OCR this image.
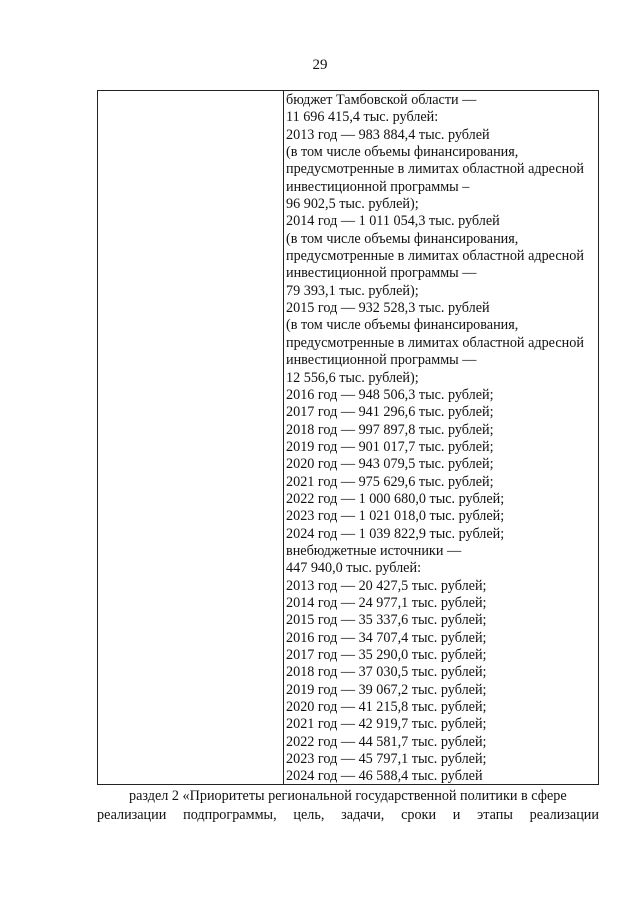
29
бюджет Тамбовской области —
11 696 415,4 тыс. рублей:
2013 год — 983 884,4 тыс. рублей
(в том числе объемы финансирования,
предусмотренные в лимитах областной адресной
инвестиционной программы –
96 902,5 тыс. рублей);
2014 год — 1 011 054,3 тыс. рублей
(в том числе объемы финансирования,
предусмотренные в лимитах областной адресной
инвестиционной программы —
79 393,1 тыс. рублей);
2015 год — 932 528,3 тыс. рублей
(в том числе объемы финансирования,
предусмотренные в лимитах областной адресной
инвестиционной программы —
12 556,6 тыс. рублей);
2016 год — 948 506,3 тыс. рублей;
2017 год — 941 296,6 тыс. рублей;
2018 год — 997 897,8 тыс. рублей;
2019 год — 901 017,7 тыс. рублей;
2020 год — 943 079,5 тыс. рублей;
2021 год — 975 629,6 тыс. рублей;
2022 год — 1 000 680,0 тыс. рублей;
2023 год — 1 021 018,0 тыс. рублей;
2024 год — 1 039 822,9 тыс. рублей;
внебюджетные источники —
447 940,0 тыс. рублей:
2013 год — 20 427,5 тыс. рублей;
2014 год — 24 977,1 тыс. рублей;
2015 год — 35 337,6 тыс. рублей;
2016 год — 34 707,4 тыс. рублей;
2017 год — 35 290,0 тыс. рублей;
2018 год — 37 030,5 тыс. рублей;
2019 год — 39 067,2 тыс. рублей;
2020 год — 41 215,8 тыс. рублей;
2021 год — 42 919,7 тыс. рублей;
2022 год — 44 581,7 тыс. рублей;
2023 год — 45 797,1 тыс. рублей;
2024 год — 46 588,4 тыс. рублей
раздел 2 «Приоритеты региональной государственной политики в сфере
реализации подпрограммы, цель, задачи, сроки и этапы реализации
